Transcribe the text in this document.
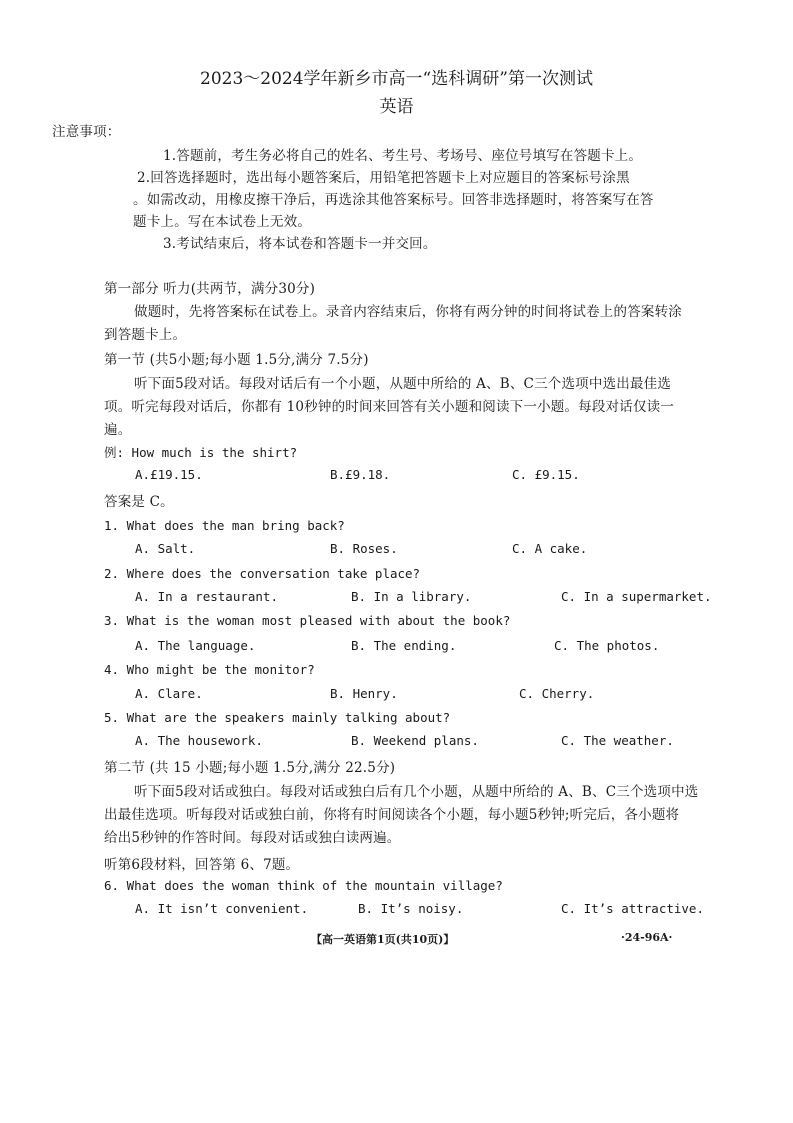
2023～2024学年新乡市高一“选科调研”第一次测试
英语
注意事项：
1.答题前，考生务必将自己的姓名、考生号、考场号、座位号填写在答题卡上。
2.回答选择题时，选出每小题答案后，用铅笔把答题卡上对应题目的答案标号涂黑
。如需改动，用橡皮擦干净后，再选涂其他答案标号。回答非选择题时，将答案写在答
题卡上。写在本试卷上无效。
3.考试结束后，将本试卷和答题卡一并交回。
第一部分 听力(共两节，满分30分)
做题时，先将答案标在试卷上。录音内容结束后，你将有两分钟的时间将试卷上的答案转涂
到答题卡上。
第一节 (共5小题;每小题 1.5分,满分 7.5分)
听下面5段对话。每段对话后有一个小题，从题中所给的 A、B、C三个选项中选出最佳选
项。听完每段对话后，你都有 10秒钟的时间来回答有关小题和阅读下一小题。每段对话仅读一
遍。
例: How much is the shirt?
A.£19.15.	B.£9.18.	C. £9.15.
答案是 C。
1. What does the man bring back?
A. Salt.	B. Roses.	C. A cake.
2. Where does the conversation take place?
A. In a restaurant.	B. In a library.	C. In a supermarket.
3. What is the woman most pleased with about the book?
A. The language.	B. The ending.	C. The photos.
4. Who might be the monitor?
A. Clare.	B. Henry.	C. Cherry.
5. What are the speakers mainly talking about?
A. The housework.	B. Weekend plans.	C. The weather.
第二节 (共 15 小题;每小题 1.5分,满分 22.5分)
听下面5段对话或独白。每段对话或独白后有几个小题，从题中所给的 A、B、C三个选项中选
出最佳选项。听每段对话或独白前，你将有时间阅读各个小题，每小题5秒钟;听完后，各小题将
给出5秒钟的作答时间。每段对话或独白读两遍。
听第6段材料，回答第 6、7题。
6. What does the woman think of the mountain village?
A. It isn’t convenient.	B. It’s noisy.	C. It’s attractive.
【高一英语第1页(共10页)】	·24-96A·
